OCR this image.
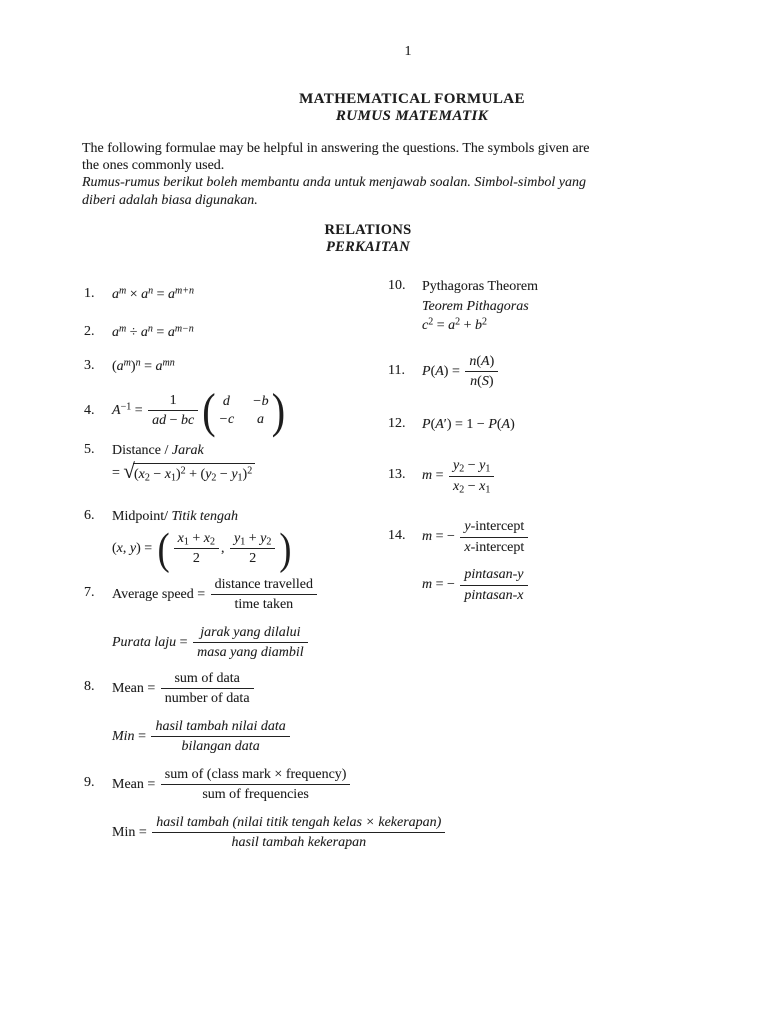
1
MATHEMATICAL FORMULAE
RUMUS MATEMATIK
The following formulae may be helpful in answering the questions. The symbols given are
the ones commonly used.
Rumus-rumus berikut boleh membantu anda untuk menjawab soalan. Simbol-simbol yang
diberi adalah biasa digunakan.
RELATIONS
PERKAITAN
1.	$a^m \times a^n = a^{m+n}$
2.	$a^m \div a^n = a^{m-n}$
3.	$(a^m)^n = a^{mn}$
4.	$A^{-1} = \frac{1}{ad - bc}$ ( d	−b
−c	a )
5.	Distance / Jarak
= √ $(x_2 - x_1)^2 + (y_2 - y_1)^2$
6.	Midpoint/ Titik tengah
(x, y) = ( $\frac{x_1 + x_2}{2}$ , $\frac{y_1 + y_2}{2}$ )
7.	Average speed =
distance travelled
time taken
Purata laju =
jarak yang dilalui
masa yang diambil
8.	Mean =
sum of data
number of data
Min =
hasil tambah nilai data
bilangan data
9.	Mean =
sum of (class mark × frequency)
sum of frequencies
Min =
hasil tambah (nilai titik tengah kelas × kekerapan)
hasil tambah kekerapan
10.	Pythagoras Theorem
Teorem Pithagoras
$c^2 = a^2 + b^2$
11.	$P(A) = \frac{n(A)}{n(S)}$
12.	P(A′) = 1 − P(A)
13.	$m = \frac{y_2 - y_1}{x_2 - x_1}$
14.	m = −
y-intercept
x-intercept
m = −
pintasan-y
pintasan-x
